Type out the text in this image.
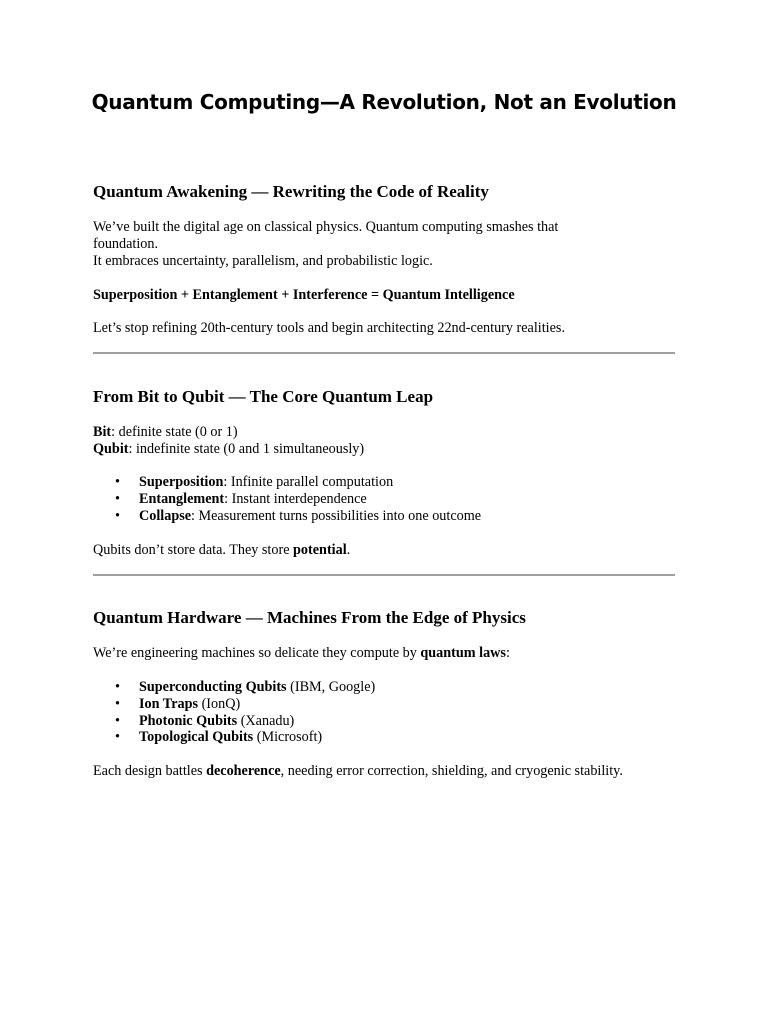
Quantum Computing—A Revolution, Not an Evolution
Quantum Awakening — Rewriting the Code of Reality

We’ve built the digital age on classical physics. Quantum computing smashes that
foundation.
It embraces uncertainty, parallelism, and probabilistic logic.

Superposition + Entanglement + Interference = Quantum Intelligence

Let’s stop refining 20th-century tools and begin architecting 22nd-century realities.

From Bit to Qubit — The Core Quantum Leap

Bit: definite state (0 or 1)
Qubit: indefinite state (0 and 1 simultaneously)

• Superposition: Infinite parallel computation
• Entanglement: Instant interdependence
• Collapse: Measurement turns possibilities into one outcome

Qubits don’t store data. They store potential.

Quantum Hardware — Machines From the Edge of Physics

We’re engineering machines so delicate they compute by quantum laws:

• Superconducting Qubits (IBM, Google)
• Ion Traps (IonQ)
• Photonic Qubits (Xanadu)
• Topological Qubits (Microsoft)

Each design battles decoherence, needing error correction, shielding, and cryogenic stability.
